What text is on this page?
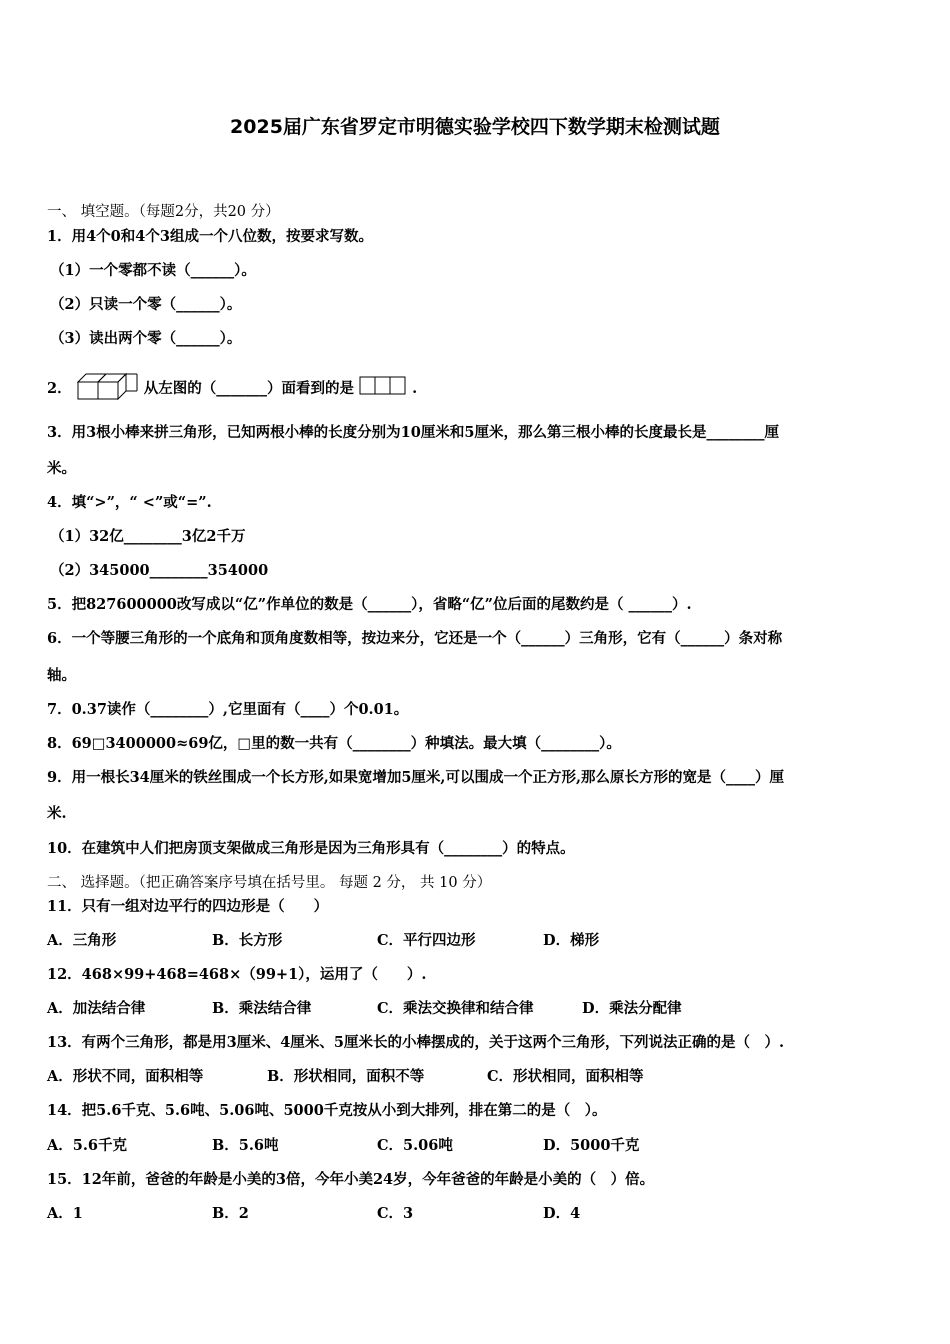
2025届广东省罗定市明德实验学校四下数学期末检测试题
一、 填空题。（每题2分，共20 分）
1．用4个0和4个3组成一个八位数，按要求写数。
（1）一个零都不读（______）。
（2）只读一个零（______）。
（3）读出两个零（______）。
2．	从左图的（_______）面看到的是	.
3．用3根小棒来拼三角形，已知两根小棒的长度分别为10厘米和5厘米，那么第三根小棒的长度最长是________厘
米。
4．填“>”，“ <”或“=”.
（1）32亿________3亿2千万
（2）345000________354000
5．把827600000改写成以“亿”作单位的数是（______），省略“亿”位后面的尾数约是（ ______）.
6．一个等腰三角形的一个底角和顶角度数相等，按边来分，它还是一个（______）三角形，它有（______）条对称
轴。
7．0.37读作（________）,它里面有（____）个0.01。
8．69□3400000≈69亿，□里的数一共有（________）种填法。最大填（________）。
9．用一根长34厘米的铁丝围成一个长方形,如果宽增加5厘米,可以围成一个正方形,那么原长方形的宽是（____）厘
米.
10．在建筑中人们把房顶支架做成三角形是因为三角形具有（________）的特点。
二、 选择题。（把正确答案序号填在括号里。 每题 2 分， 共 10 分）
11．只有一组对边平行的四边形是（　　）
A．三角形	B．长方形	C．平行四边形	D．梯形
12．468×99+468=468×（99+1），运用了（　　）.
A．加法结合律	B．乘法结合律	C．乘法交换律和结合律	D．乘法分配律
13．有两个三角形，都是用3厘米、4厘米、5厘米长的小棒摆成的，关于这两个三角形，下列说法正确的是（　）.
A．形状不同，面积相等	B．形状相同，面积不等	C．形状相同，面积相等
14．把5.6千克、5.6吨、5.06吨、5000千克按从小到大排列，排在第二的是（　）。
A．5.6千克	B．5.6吨	C．5.06吨	D．5000千克
15．12年前，爸爸的年龄是小美的3倍，今年小美24岁，今年爸爸的年龄是小美的（　）倍。
A．1	B．2	C．3	D．4
